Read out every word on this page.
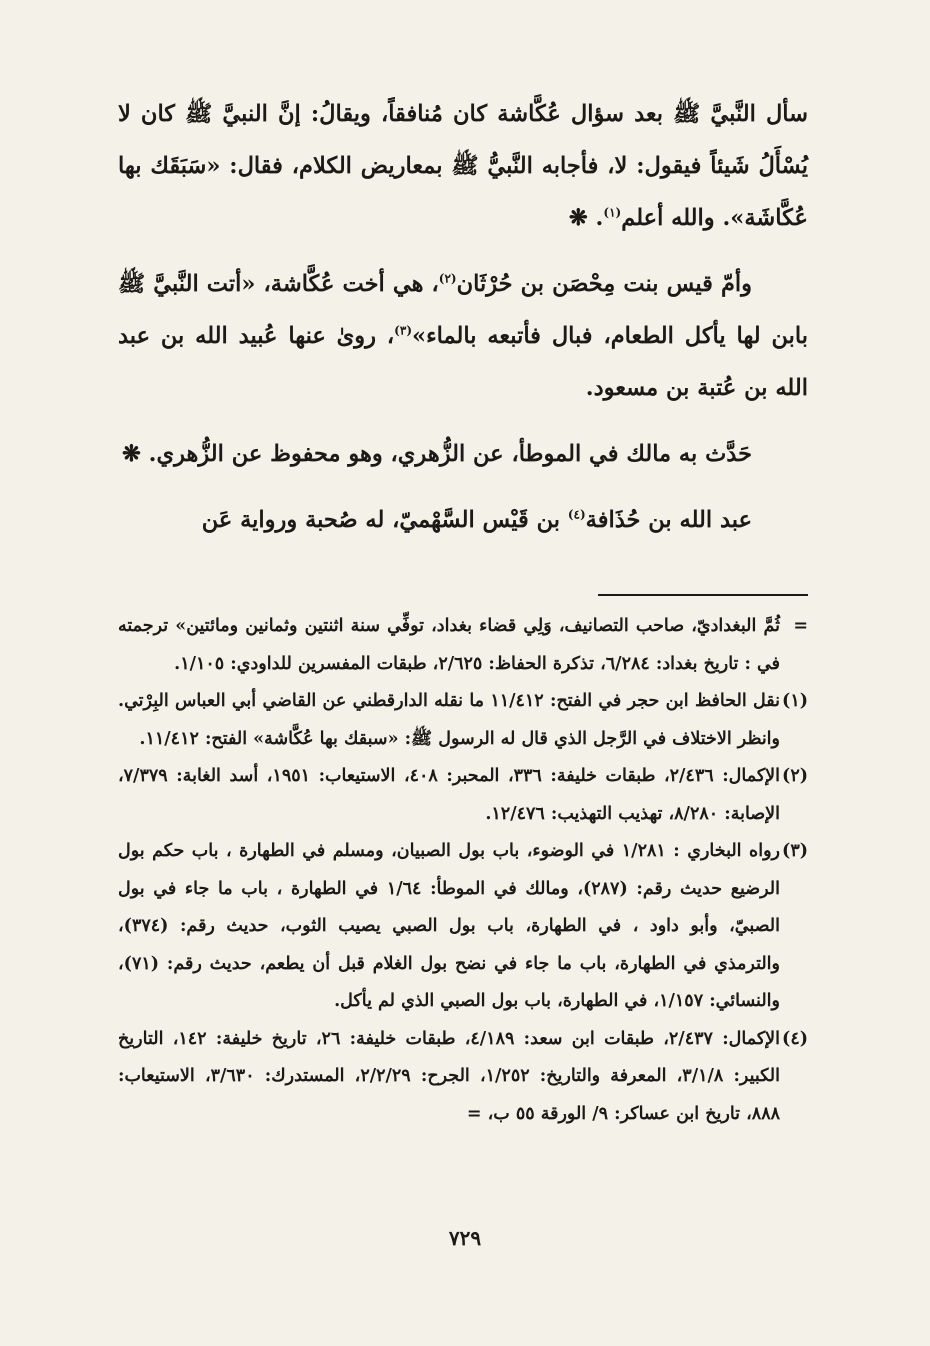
سأل النَّبيَّ ﷺ بعد سؤال عُكَّاشة كان مُنافقاً، ويقالُ: إنَّ النبيَّ ﷺ كان لا يُسْأَلُ شَيئاً فيقول: لا، فأجابه النَّبيُّ ﷺ بمعاريض الكلام، فقال: «سَبَقَك بها عُكَّاشَة». والله أعلم$^{(١)}$. ❋

وأمّ قيس بنت مِحْصَن بن حُرْثَان$^{(٢)}$، هي أخت عُكَّاشة، «أتت النَّبيَّ ﷺ بابن لها يأكل الطعام، فبال فأتبعه بالماء»$^{(٣)}$، روىٰ عنها عُبيد الله بن عبد الله بن عُتبة بن مسعود.

حَدَّث به مالك في الموطأ، عن الزُّهري، وهو محفوظ عن الزُّهري. ❋

عبد الله بن حُذَافة$^{(٤)}$ بن قَيْس السَّهْميّ، له صُحبة ورواية عَن

=
ثُمَّ البغداديّ، صاحب التصانيف، وَلِي قضاء بغداد، توفِّي سنة اثنتين وثمانين ومائتين» ترجمته في : تاريخ بغداد: ٦/٢٨٤، تذكرة الحفاظ: ٢/٦٢٥، طبقات المفسرين للداودي: ١/١٠٥.
(١)
نقل الحافظ ابن حجر في الفتح: ١١/٤١٢ ما نقله الدارقطني عن القاضي أبي العباس البِرْتي. وانظر الاختلاف في الرَّجل الذي قال له الرسول ﷺ: «سبقك بها عُكَّاشة» الفتح: ١١/٤١٢.
(٢)
الإكمال: ٢/٤٣٦، طبقات خليفة: ٣٣٦، المحبر: ٤٠٨، الاستيعاب: ١٩٥١، أسد الغابة: ٧/٣٧٩، الإصابة: ٨/٢٨٠، تهذيب التهذيب: ١٢/٤٧٦.
(٣)
رواه البخاري : ١/٢٨١ في الوضوء، باب بول الصبيان، ومسلم في الطهارة ، باب حكم بول الرضيع حديث رقم: (٢٨٧)، ومالك في الموطأ: ١/٦٤ في الطهارة ، باب ما جاء في بول الصبيّ، وأبو داود ، في الطهارة، باب بول الصبي يصيب الثوب، حديث رقم: (٣٧٤)، والترمذي في الطهارة، باب ما جاء في نضح بول الغلام قبل أن يطعم، حديث رقم: (٧١)، والنسائي: ١/١٥٧، في الطهارة، باب بول الصبي الذي لم يأكل.
(٤)
الإكمال: ٢/٤٣٧، طبقات ابن سعد: ٤/١٨٩، طبقات خليفة: ٢٦، تاريخ خليفة: ١٤٢، التاريخ الكبير: ٣/١/٨، المعرفة والتاريخ: ١/٢٥٢، الجرح: ٢/٢/٢٩، المستدرك: ٣/٦٣٠، الاستيعاب: ٨٨٨، تاريخ ابن عساكر: ٩/ الورقة ٥٥ ب، =
٧٢٩
